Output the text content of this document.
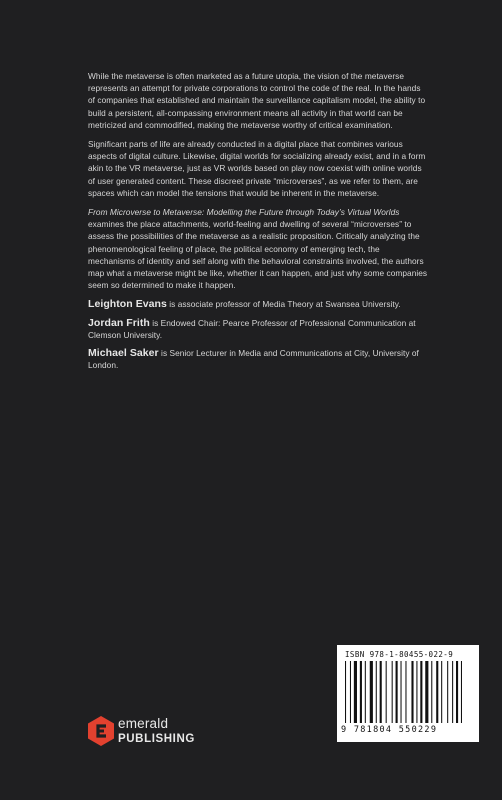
While the metaverse is often marketed as a future utopia, the vision of the metaverse represents an attempt for private corporations to control the code of the real. In the hands of companies that established and maintain the surveillance capitalism model, the ability to build a persistent, all-compassing environment means all activity in that world can be metricized and commodified, making the metaverse worthy of critical examination.

Significant parts of life are already conducted in a digital place that combines various aspects of digital culture. Likewise, digital worlds for socializing already exist, and in a form akin to the VR metaverse, just as VR worlds based on play now coexist with online worlds of user generated content. These discreet private “microverses”, as we refer to them, are spaces which can model the tensions that would be inherent in the metaverse.

From Microverse to Metaverse: Modelling the Future through Today’s Virtual Worlds examines the place attachments, world-feeling and dwelling of several “microverses” to assess the possibilities of the metaverse as a realistic proposition. Critically analyzing the phenomenological feeling of place, the political economy of emerging tech, the mechanisms of identity and self along with the behavioral constraints involved, the authors map what a metaverse might be like, whether it can happen, and just why some companies seem so determined to make it happen.

Leighton Evans is associate professor of Media Theory at Swansea University.

Jordan Frith is Endowed Chair: Pearce Professor of Professional Communication at Clemson University.

Michael Saker is Senior Lecturer in Media and Communications at City, University of London.

ISBN 978-1-80455-022-9
9 781804 550229
emerald
PUBLISHING
